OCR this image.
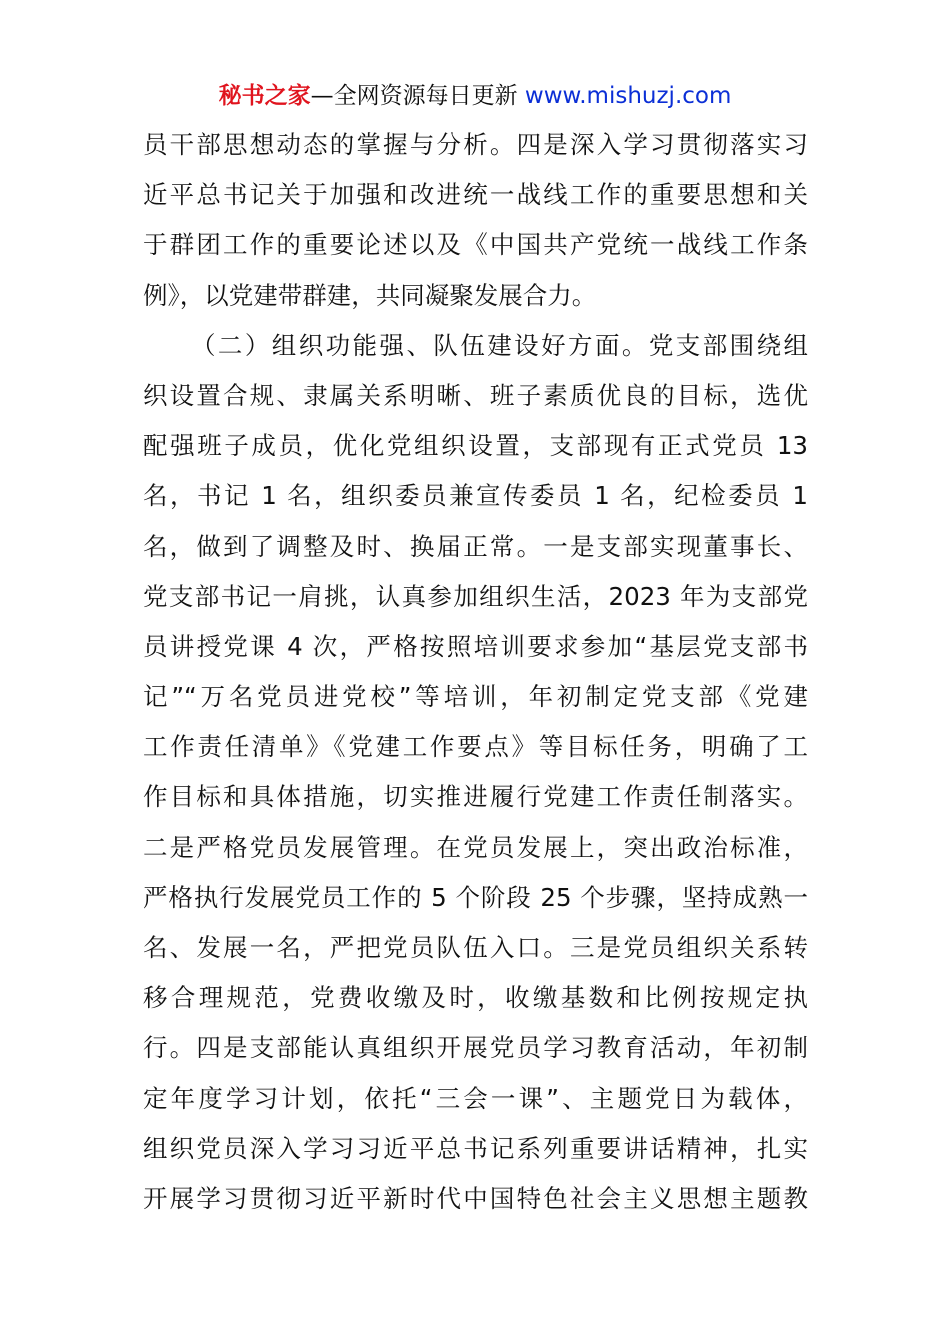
秘书之家—全网资源每日更新 www.mishuzj.com
员干部思想动态的掌握与分析。四是深入学习贯彻落实习
近平总书记关于加强和改进统一战线工作的重要思想和关
于群团工作的重要论述以及《中国共产党统一战线工作条
例》，以党建带群建，共同凝聚发展合力。
（二）组织功能强、队伍建设好方面。党支部围绕组
织设置合规、隶属关系明晰、班子素质优良的目标，选优
配强班子成员，优化党组织设置，支部现有正式党员 13
名，书记 1 名，组织委员兼宣传委员 1 名，纪检委员 1
名，做到了调整及时、换届正常。一是支部实现董事长、
党支部书记一肩挑，认真参加组织生活，2023 年为支部党
员讲授党课 4 次，严格按照培训要求参加“基层党支部书
记”“万名党员进党校”等培训，年初制定党支部《党建
工作责任清单》《党建工作要点》等目标任务，明确了工
作目标和具体措施，切实推进履行党建工作责任制落实。
二是严格党员发展管理。在党员发展上，突出政治标准，
严格执行发展党员工作的 5 个阶段 25 个步骤，坚持成熟一
名、发展一名，严把党员队伍入口。三是党员组织关系转
移合理规范，党费收缴及时，收缴基数和比例按规定执
行。四是支部能认真组织开展党员学习教育活动，年初制
定年度学习计划，依托“三会一课”、主题党日为载体，
组织党员深入学习习近平总书记系列重要讲话精神，扎实
开展学习贯彻习近平新时代中国特色社会主义思想主题教
